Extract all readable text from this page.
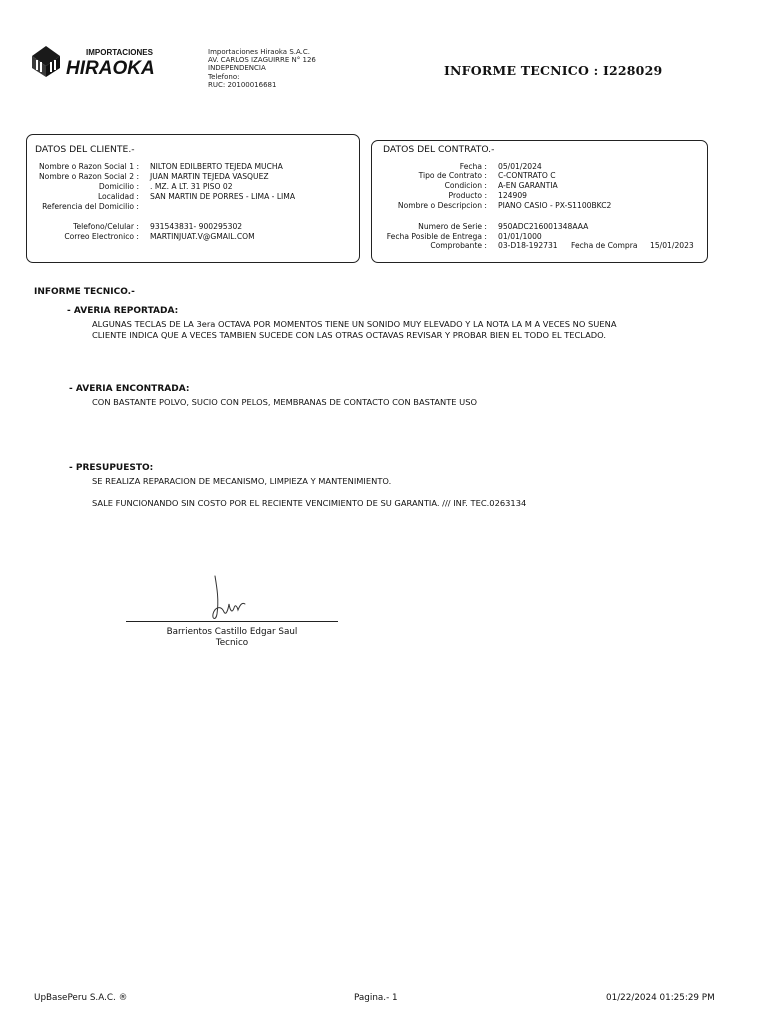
IMPORTACIONES
HIRAOKA
Importaciones Hiraoka S.A.C.
AV. CARLOS IZAGUIRRE N° 126
INDEPENDENCIA
Telefono:
RUC: 20100016681
INFORME TECNICO : I228029
DATOS DEL CLIENTE.-
Nombre o Razon Social 1 : NILTON EDILBERTO TEJEDA MUCHA
Nombre o Razon Social 2 : JUAN MARTIN TEJEDA VASQUEZ
Domicilio : . MZ. A LT. 31 PISO 02
Localidad : SAN MARTIN DE PORRES - LIMA - LIMA
Referencia del Domicilio :
Telefono/Celular : 931543831- 900295302
Correo Electronico : MARTINJUAT.V@GMAIL.COM
DATOS DEL CONTRATO.-
Fecha : 05/01/2024
Tipo de Contrato : C-CONTRATO C
Condicion : A-EN GARANTIA
Producto : 124909
Nombre o Descripcion : PIANO CASIO - PX-S1100BKC2
Numero de Serie : 950ADC216001348AAA
Fecha Posible de Entrega : 01/01/1000
Comprobante : 03-D18-192731 Fecha de Compra 15/01/2023
INFORME TECNICO.-
- AVERIA REPORTADA:
ALGUNAS TECLAS DE LA 3era OCTAVA POR MOMENTOS TIENE UN SONIDO MUY ELEVADO Y LA NOTA LA M A VECES NO SUENA
CLIENTE INDICA QUE A VECES TAMBIEN SUCEDE CON LAS OTRAS OCTAVAS REVISAR Y PROBAR BIEN EL TODO EL TECLADO.
- AVERIA ENCONTRADA:
CON BASTANTE POLVO, SUCIO CON PELOS, MEMBRANAS DE CONTACTO CON BASTANTE USO
- PRESUPUESTO:
SE REALIZA REPARACION DE MECANISMO, LIMPIEZA Y MANTENIMIENTO.
SALE FUNCIONANDO SIN COSTO POR EL RECIENTE VENCIMIENTO DE SU GARANTIA. /// INF. TEC.0263134
Barrientos Castillo Edgar Saul
Tecnico
UpBasePeru S.A.C. ®	Pagina.- 1	01/22/2024 01:25:29 PM
